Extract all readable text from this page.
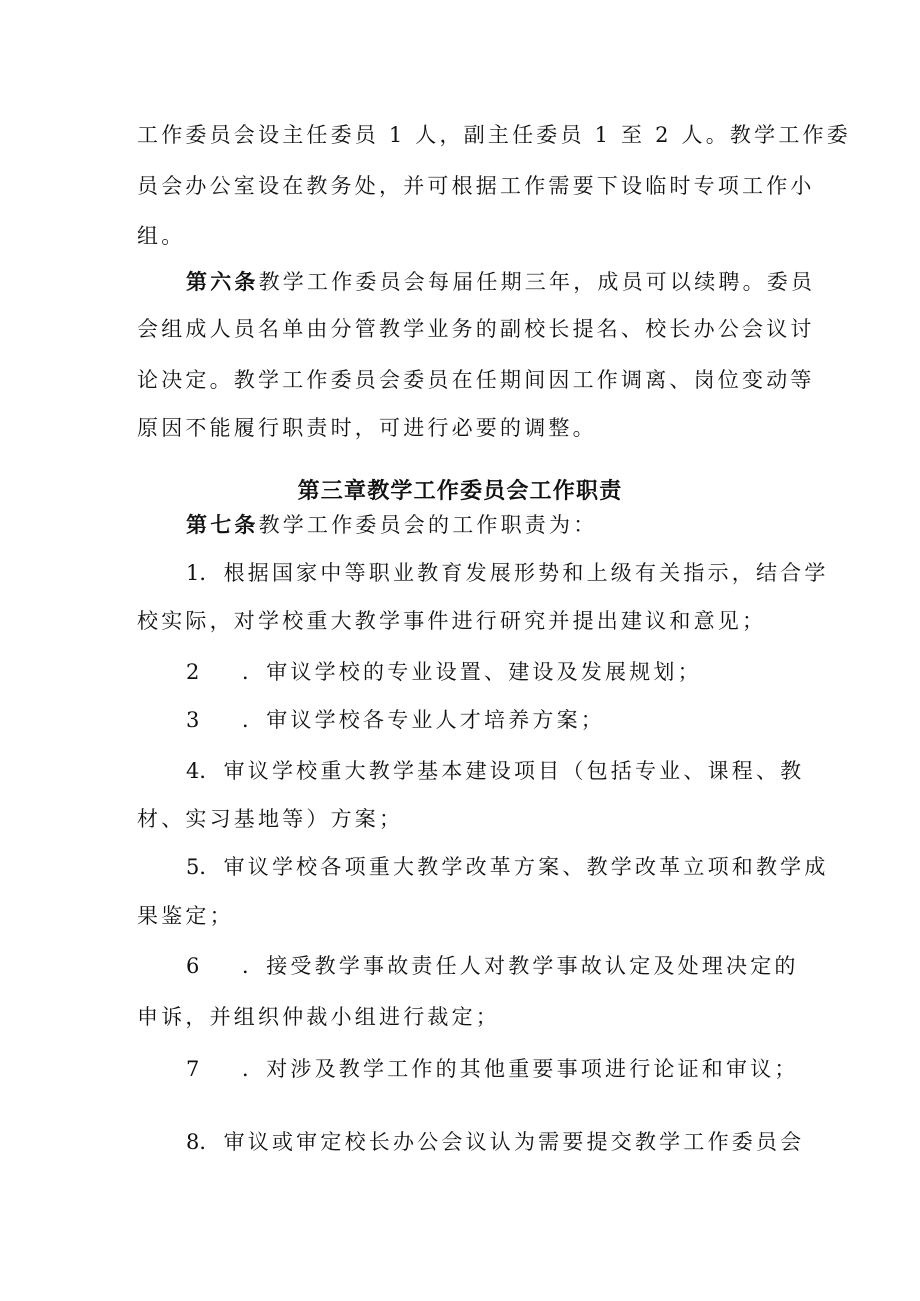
工作委员会设主任委员 1 人，副主任委员 1 至 2 人。教学工作委
员会办公室设在教务处，并可根据工作需要下设临时专项工作小
组。
第六条教学工作委员会每届任期三年，成员可以续聘。委员
会组成人员名单由分管教学业务的副校长提名、校长办公会议讨
论决定。教学工作委员会委员在任期间因工作调离、岗位变动等
原因不能履行职责时，可进行必要的调整。
第三章教学工作委员会工作职责
第七条教学工作委员会的工作职责为：
1．根据国家中等职业教育发展形势和上级有关指示，结合学
校实际，对学校重大教学事件进行研究并提出建议和意见；
2 ．审议学校的专业设置、建设及发展规划；
3 ．审议学校各专业人才培养方案；
4．审议学校重大教学基本建设项目（包括专业、课程、教
材、实习基地等）方案；
5．审议学校各项重大教学改革方案、教学改革立项和教学成
果鉴定；
6 ．接受教学事故责任人对教学事故认定及处理决定的
申诉，并组织仲裁小组进行裁定；
7 ．对涉及教学工作的其他重要事项进行论证和审议；
8．审议或审定校长办公会议认为需要提交教学工作委员会
